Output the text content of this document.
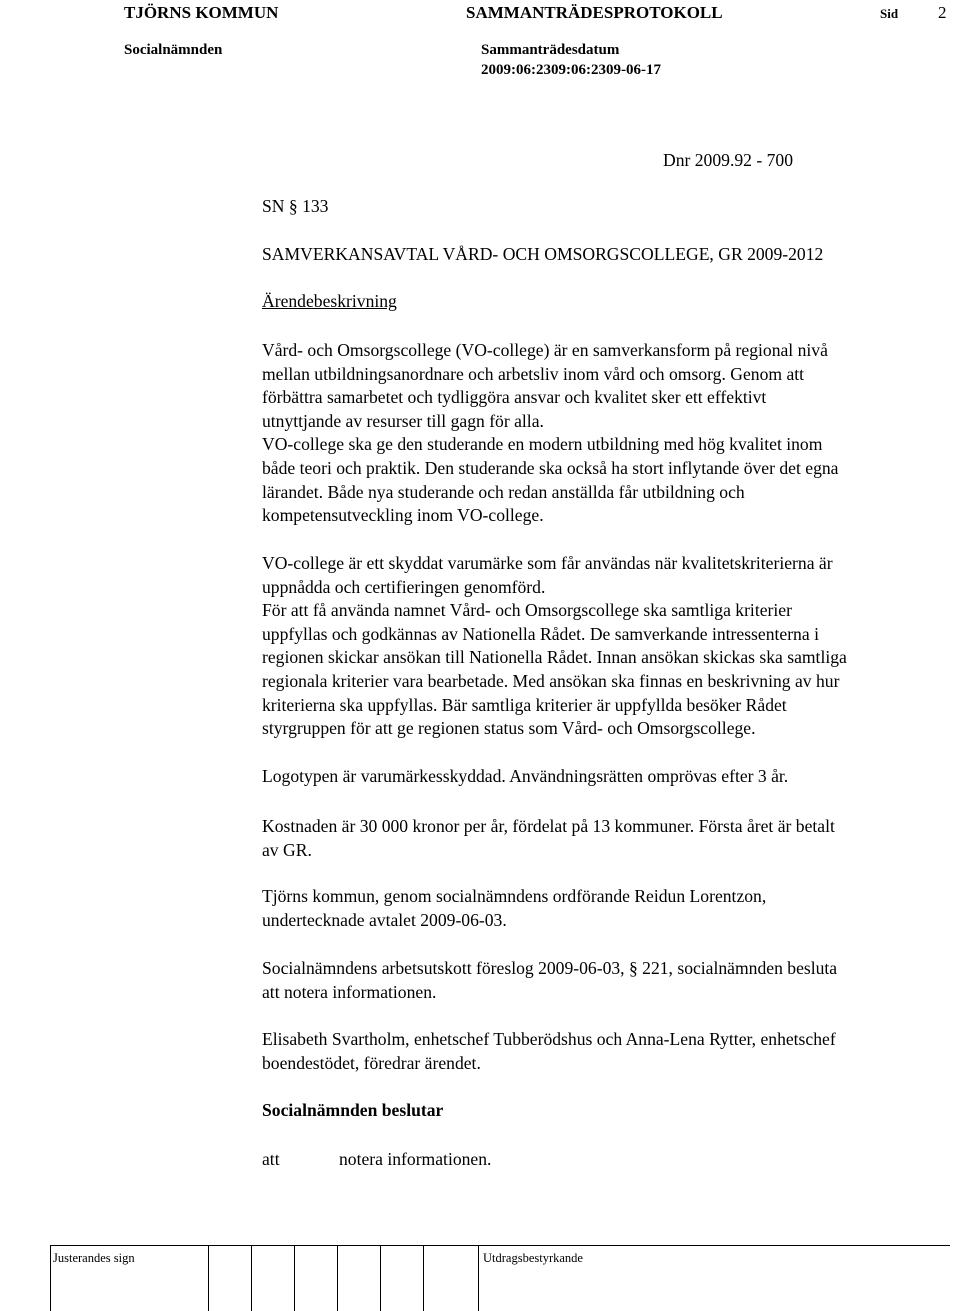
TJÖRNS KOMMUN	SAMMANTRÄDESPROTOKOLL	Sid 2
Socialnämnden	Sammanträdesdatum
2009:06:2309:06:2309-06-17
Dnr 2009.92 - 700
SN § 133
SAMVERKANSAVTAL VÅRD- OCH OMSORGSCOLLEGE, GR 2009-2012
Ärendebeskrivning

Vård- och Omsorgscollege (VO-college) är en samverkansform på regional nivå

mellan utbildningsanordnare och arbetsliv inom vård och omsorg. Genom att

förbättra samarbetet och tydliggöra ansvar och kvalitet sker ett effektivt

utnyttjande av resurser till gagn för alla.

VO-college ska ge den studerande en modern utbildning med hög kvalitet inom

både teori och praktik. Den studerande ska också ha stort inflytande över det egna

lärandet. Både nya studerande och redan anställda får utbildning och

kompetensutveckling inom VO-college.

VO-college är ett skyddat varumärke som får användas när kvalitetskriterierna är

uppnådda och certifieringen genomförd.

För att få använda namnet Vård- och Omsorgscollege ska samtliga kriterier

uppfyllas och godkännas av Nationella Rådet. De samverkande intressenterna i

regionen skickar ansökan till Nationella Rådet. Innan ansökan skickas ska samtliga

regionala kriterier vara bearbetade. Med ansökan ska finnas en beskrivning av hur

kriterierna ska uppfyllas. Bär samtliga kriterier är uppfyllda besöker Rådet

styrgruppen för att ge regionen status som Vård- och Omsorgscollege.

Logotypen är varumärkesskyddad. Användningsrätten omprövas efter 3 år.

Kostnaden är 30 000 kronor per år, fördelat på 13 kommuner. Första året är betalt

av GR.

Tjörns kommun, genom socialnämndens ordförande Reidun Lorentzon,

undertecknade avtalet 2009-06-03.

Socialnämndens arbetsutskott föreslog 2009-06-03, § 221, socialnämnden besluta

att notera informationen.

Elisabeth Svartholm, enhetschef Tubberödshus och Anna-Lena Rytter, enhetschef

boendestödet, föredrar ärendet.

Socialnämnden beslutar
att	notera informationen.
Justerandes sign	Utdragsbestyrkande
